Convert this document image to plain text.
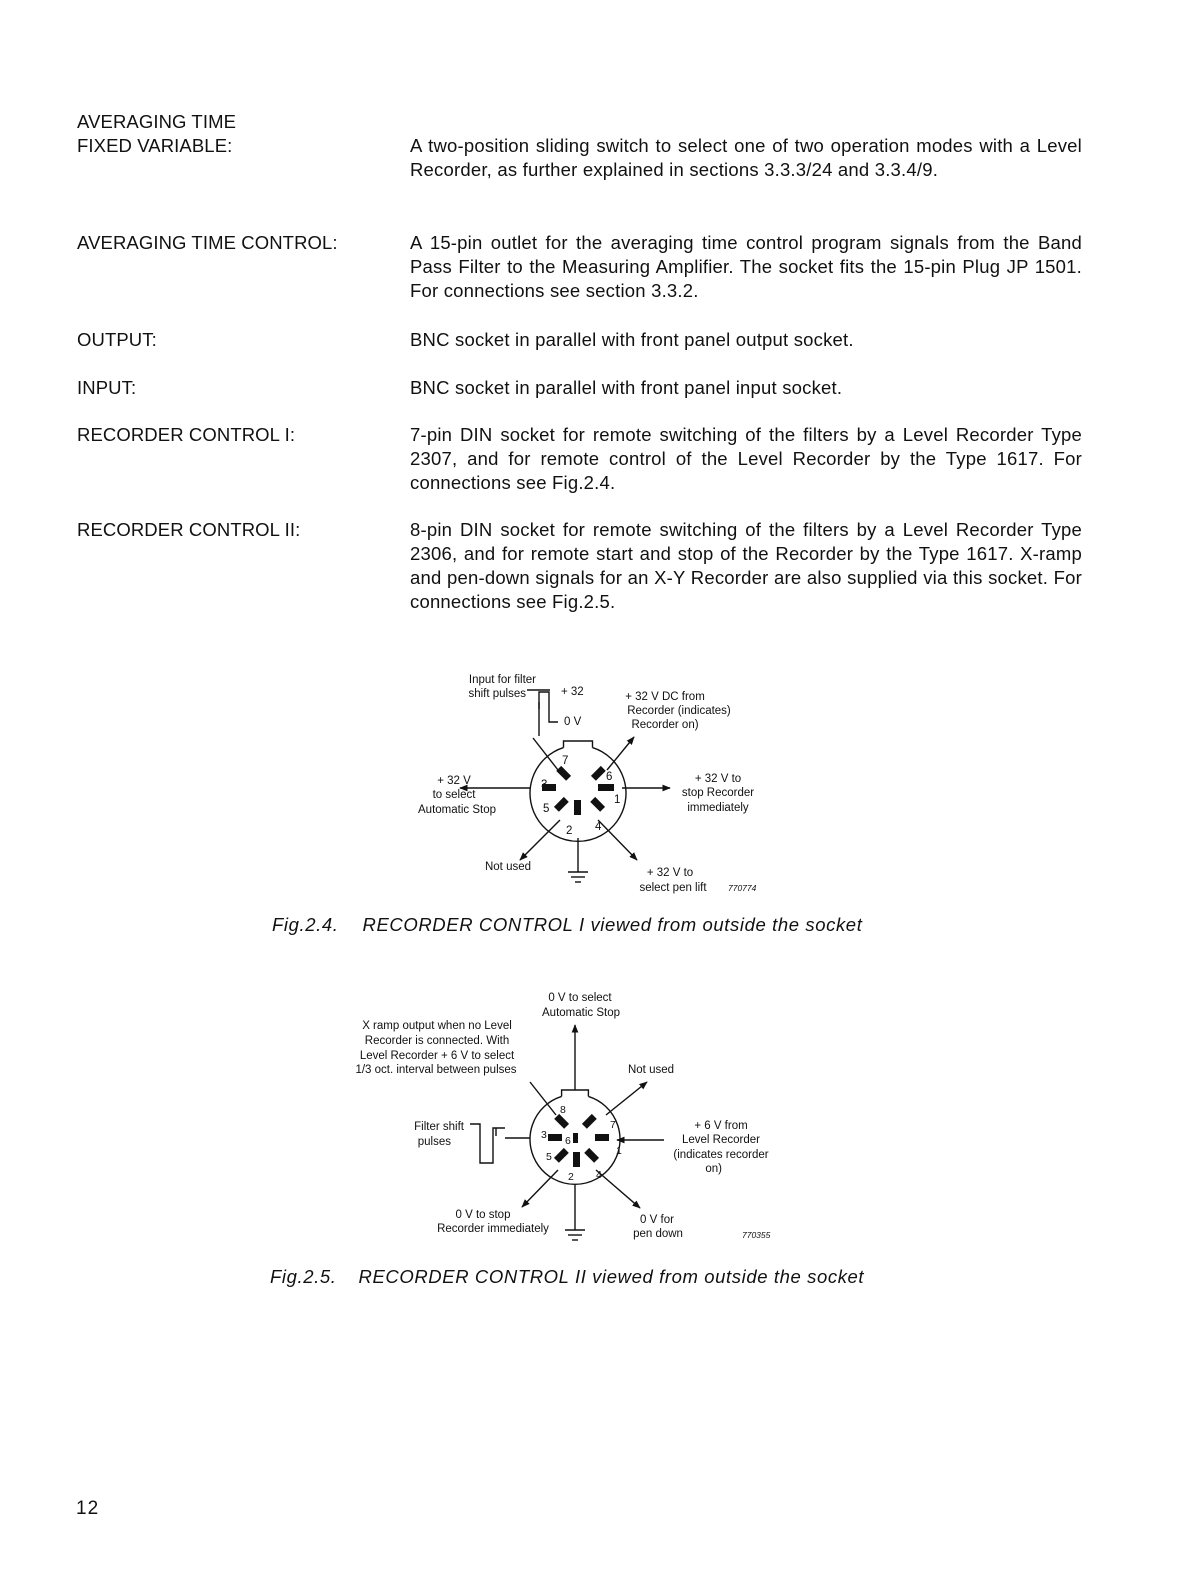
AVERAGING TIME
FIXED VARIABLE:	A two-position sliding switch to select one of two operation modes with a Level Recorder, as further explained in sections 3.3.3/24 and 3.3.4/9.
AVERAGING TIME CONTROL:	A 15-pin outlet for the averaging time control program signals from the Band Pass Filter to the Measuring Amplifier. The socket fits the 15-pin Plug JP 1501. For connections see section 3.3.2.
OUTPUT:	BNC socket in parallel with front panel output socket.
INPUT:	BNC socket in parallel with front panel input socket.
RECORDER CONTROL I:	7-pin DIN socket for remote switching of the filters by a Level Recorder Type 2307, and for remote control of the Level Recorder by the Type 1617. For connections see Fig.2.4.
RECORDER CONTROL II:	8-pin DIN socket for remote switching of the filters by a Level Recorder Type 2306, and for remote start and stop of the Recorder by the Type 1617. X-ramp and pen-down signals for an X-Y Recorder are also supplied via this socket. For connections see Fig.2.5.
7
6
3
1
5
2 4
Input for filter
shift pulses	+ 32
0 V
+ 32 V DC from
Recorder (indicates)
Recorder on)
+ 32 V
to select
Automatic Stop
+ 32 V to
stop Recorder
immediately
Not used	+ 32 V to
select pen lift	770774
Fig.2.4. RECORDER CONTROL I viewed from outside the socket
8
7
3 6
1
5
2 4
0 V to select
Automatic Stop
X ramp output when no Level
Recorder is connected. With
Level Recorder + 6 V to select
1/3 oct. interval between pulses	Not used
Filter shift
pulses
+ 6 V from
Level Recorder
(indicates recorder
on)
0 V to stop
Recorder immediately
0 V for
pen down	770355
Fig.2.5. RECORDER CONTROL II viewed from outside the socket
12
